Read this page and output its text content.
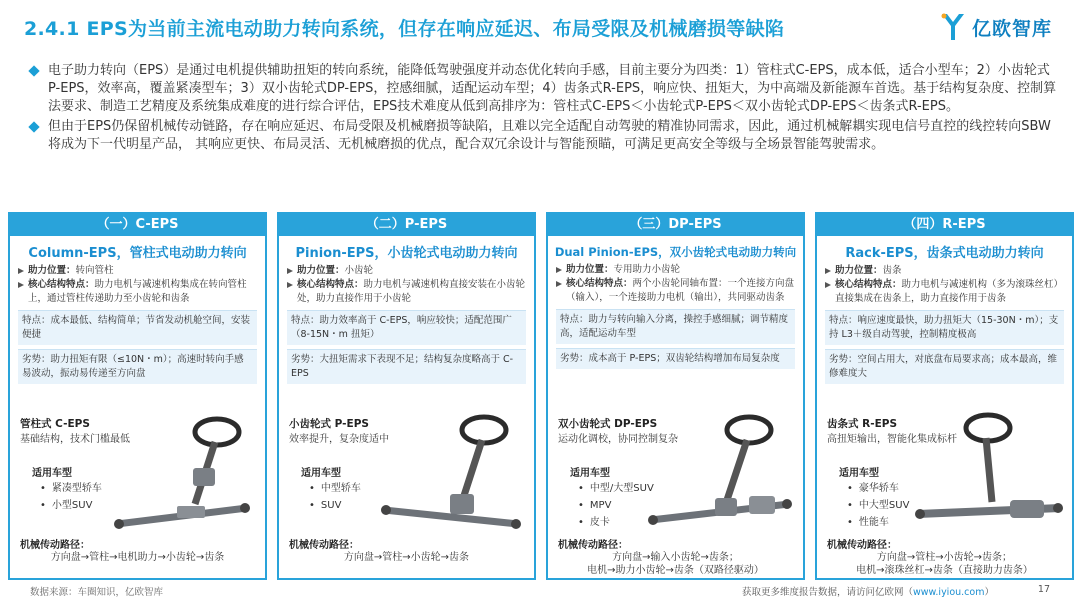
2.4.1 EPS为当前主流电动助力转向系统，但存在响应延迟、布局受限及机械磨损等缺陷	亿欧智库
电子助力转向（EPS）是通过电机提供辅助扭矩的转向系统，能降低驾驶强度并动态优化转向手感，目前主要分为四类：1）管柱式C-EPS，成本低，适合小型车；2）小齿轮式P-EPS，效率高，覆盖紧凑型车；3）双小齿轮式DP-EPS，控感细腻，适配运动车型；4）齿条式R-EPS，响应快、扭矩大，为中高端及新能源车首选。基于结构复杂度、控制算法要求、制造工艺精度及系统集成难度的进行综合评估，EPS技术难度从低到高排序为：管柱式C-EPS＜小齿轮式P-EPS＜双小齿轮式DP-EPS＜齿条式R-EPS。
但由于EPS仍保留机械传动链路，存在响应延迟、布局受限及机械磨损等缺陷，且难以完全适配自动驾驶的精准协同需求，因此，通过机械解耦实现电信号直控的线控转向SBW将成为下一代明星产品， 其响应更快、布局灵活、无机械磨损的优点，配合双冗余设计与智能预瞄，可满足更高安全等级与全场景智能驾驶需求。
（一）C-EPS
Column-EPS，管柱式电动助力转向
助力位置：转向管柱
核心结构特点：助力电机与减速机构集成在转向管柱上，通过管柱传递助力至小齿轮和齿条
特点：成本最低、结构简单；节省发动机舱空间，安装便捷
劣势：助力扭矩有限（≤10N・m）；高速时转向手感易波动，振动易传递至方向盘
管柱式 C-EPS
基础结构，技术门槛最低
适用车型
• 紧凑型轿车
• 小型SUV
机械传动路径：
方向盘→管柱→电机助力→小齿轮→齿条
（二）P-EPS
Pinion-EPS，小齿轮式电动助力转向
助力位置：小齿轮
核心结构特点：助力电机与减速机构直接安装在小齿轮处，助力直接作用于小齿轮
特点：助力效率高于 C-EPS，响应较快；适配范围广（8-15N・m 扭矩）
劣势：大扭矩需求下表现不足；结构复杂度略高于 C-EPS
小齿轮式 P-EPS
效率提升，复杂度适中
适用车型
• 中型轿车
• SUV
机械传动路径：
方向盘→管柱→小齿轮→齿条
（三）DP-EPS
Dual Pinion-EPS，双小齿轮式电动助力转向
助力位置：专用助力小齿轮
核心结构特点：两个小齿轮同轴布置：一个连接方向盘（输入），一个连接助力电机（输出），共同驱动齿条
特点：助力与转向输入分离，操控手感细腻；调节精度高，适配运动车型
劣势：成本高于 P-EPS；双齿轮结构增加布局复杂度
双小齿轮式 DP-EPS
运动化调校，协同控制复杂
适用车型
• 中型/大型SUV
• MPV
• 皮卡
机械传动路径：
方向盘→输入小齿轮→齿条；
电机→助力小齿轮→齿条（双路径驱动）
（四）R-EPS
Rack-EPS，齿条式电动助力转向
助力位置：齿条
核心结构特点：助力电机与减速机构（多为滚珠丝杠）直接集成在齿条上，助力直接作用于齿条
特点：响应速度最快，助力扭矩大（15-30N・m）；支持 L3＋级自动驾驶，控制精度极高
劣势：空间占用大，对底盘布局要求高；成本最高，维修难度大
齿条式 R-EPS
高扭矩输出，智能化集成标杆
适用车型
• 豪华轿车
• 中大型SUV
• 性能车
机械传动路径：
方向盘→管柱→小齿轮→齿条；
电机→滚珠丝杠→齿条（直接助力齿条）
数据来源：车圈知识，亿欧智库	获取更多维度报告数据，请访问亿欧网（www.iyiou.com）	17
